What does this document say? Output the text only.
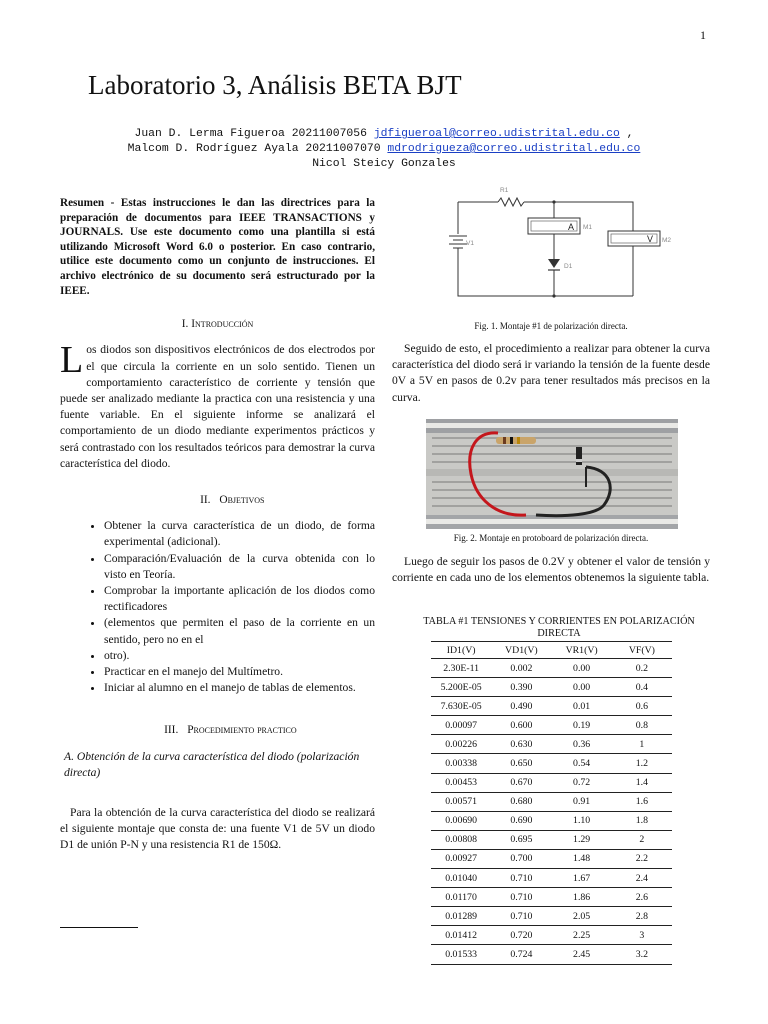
1
Laboratorio 3, Análisis BETA BJT
Juan D. Lerma Figueroa 20211007056 jdfigueroal@correo.udistrital.edu.co ,
Malcom D. Rodríguez Ayala 20211007070 mdrodrigueza@correo.udistrital.edu.co
Nicol Steicy Gonzales
Resumen - Estas instrucciones le dan las directrices para la preparación de documentos para IEEE TRANSACTIONS y JOURNALS. Use este documento como una plantilla si está utilizando Microsoft Word 6.0 o posterior. En caso contrario, utilice este documento como un conjunto de instrucciones. El archivo electrónico de su documento será estructurado por la IEEE.
I. Introducción
Los diodos son dispositivos electrónicos de dos electrodos por el que circula la corriente en un solo sentido. Tienen un comportamiento característico de corriente y tensión que puede ser analizado mediante la practica con una resistencia y una fuente variable. En el siguiente informe se analizará el comportamiento de un diodo mediante experimentos prácticos y será contrastado con los resultados teóricos para demostrar la curva característica del diodo.
II. Objetivos
• Obtener la curva característica de un diodo, de forma experimental (adicional).
• Comparación/Evaluación de la curva obtenida con lo visto en Teoría.
• Comprobar la importante aplicación de los diodos como rectificadores
• (elementos que permiten el paso de la corriente en un sentido, pero no en el
• otro).
• Practicar en el manejo del Multímetro.
• Iniciar al alumno en el manejo de tablas de elementos.
III. Procedimiento practico
A. Obtención de la curva característica del diodo (polarización directa)
Para la obtención de la curva característica del diodo se realizará el siguiente montaje que consta de: una fuente V1 de 5V un diodo D1 de unión P-N y una resistencia R1 de 150Ω.
R1
V1
D1
M1
M2
A
V
Fig. 1. Montaje #1 de polarización directa.
Seguido de esto, el procedimiento a realizar para obtener la curva característica del diodo será ir variando la tensión de la fuente desde 0V a 5V en pasos de 0.2v para tener resultados más precisos en la curva.
Fig. 2. Montaje en protoboard de polarización directa.
Luego de seguir los pasos de 0.2V y obtener el valor de tensión y corriente en cada uno de los elementos obtenemos la siguiente tabla.
TABLA #1 TENSIONES Y CORRIENTES EN POLARIZACIÓN DIRECTA
ID1(V)	VD1(V)	VR1(V)	VF(V)
2.30E-11	0.002	0.00	0.2
5.200E-05	0.390	0.00	0.4
7.630E-05	0.490	0.01	0.6
0.00097	0.600	0.19	0.8
0.00226	0.630	0.36	1
0.00338	0.650	0.54	1.2
0.00453	0.670	0.72	1.4
0.00571	0.680	0.91	1.6
0.00690	0.690	1.10	1.8
0.00808	0.695	1.29	2
0.00927	0.700	1.48	2.2
0.01040	0.710	1.67	2.4
0.01170	0.710	1.86	2.6
0.01289	0.710	2.05	2.8
0.01412	0.720	2.25	3
0.01533	0.724	2.45	3.2
